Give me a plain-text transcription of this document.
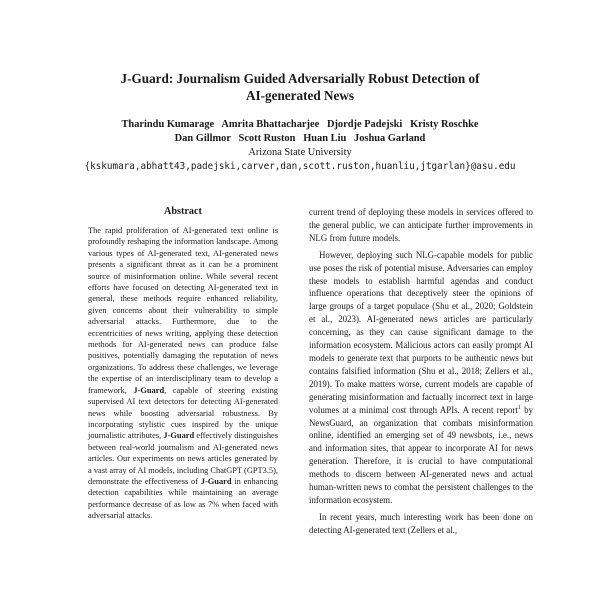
J-Guard: Journalism Guided Adversarially Robust Detection of
AI-generated News
Tharindu Kumarage   Amrita Bhattacharjee   Djordje Padejski   Kristy Roschke
Dan Gillmor   Scott Ruston   Huan Liu   Joshua Garland
Arizona State University
{kskumara,abhatt43,padejski,carver,dan,scott.ruston,huanliu,jtgarlan}@asu.edu
Abstract
The rapid proliferation of AI-generated text online is profoundly reshaping the information landscape. Among various types of AI-generated text, AI-generated news presents a significant threat as it can be a prominent source of misinformation online. While several recent efforts have focused on detecting AI-generated text in general, these methods require enhanced reliability, given concerns about their vulnerability to simple adversarial attacks. Furthermore, due to the eccentricities of news writing, applying these detection methods for AI-generated news can produce false positives, potentially damaging the reputation of news organizations. To address these challenges, we leverage the expertise of an interdisciplinary team to develop a framework, J-Guard, capable of steering existing supervised AI text detectors for detecting AI-generated news while boosting adversarial robustness. By incorporating stylistic cues inspired by the unique journalistic attributes, J-Guard effectively distinguishes between real-world journalism and AI-generated news articles. Our experiments on news articles generated by a vast array of AI models, including ChatGPT (GPT3.5), demonstrate the effectiveness of J-Guard in enhancing detection capabilities while maintaining an average performance decrease of as low as 7% when faced with adversarial attacks.

current trend of deploying these models in services offered to the general public, we can anticipate further improvements in NLG from future models.

However, deploying such NLG-capable models for public use poses the risk of potential misuse. Adversaries can employ these models to establish harmful agendas and conduct influence operations that deceptively steer the opinions of large groups of a target populace (Shu et al., 2020; Goldstein et al., 2023). AI-generated news articles are particularly concerning, as they can cause significant damage to the information ecosystem. Malicious actors can easily prompt AI models to generate text that purports to be authentic news but contains falsified information (Shu et al., 2018; Zellers et al., 2019). To make matters worse, current models are capable of generating misinformation and factually incorrect text in large volumes at a minimal cost through APIs. A recent report$^1$ by NewsGuard, an organization that combats misinformation online, identified an emerging set of 49 newsbots, i.e., news and information sites, that appear to incorporate AI for news generation. Therefore, it is crucial to have computational methods to discern between AI-generated news and actual human-written news to combat the persistent challenges to the information ecosystem.

In recent years, much interesting work has been done on detecting AI-generated text (Zellers et al.,
